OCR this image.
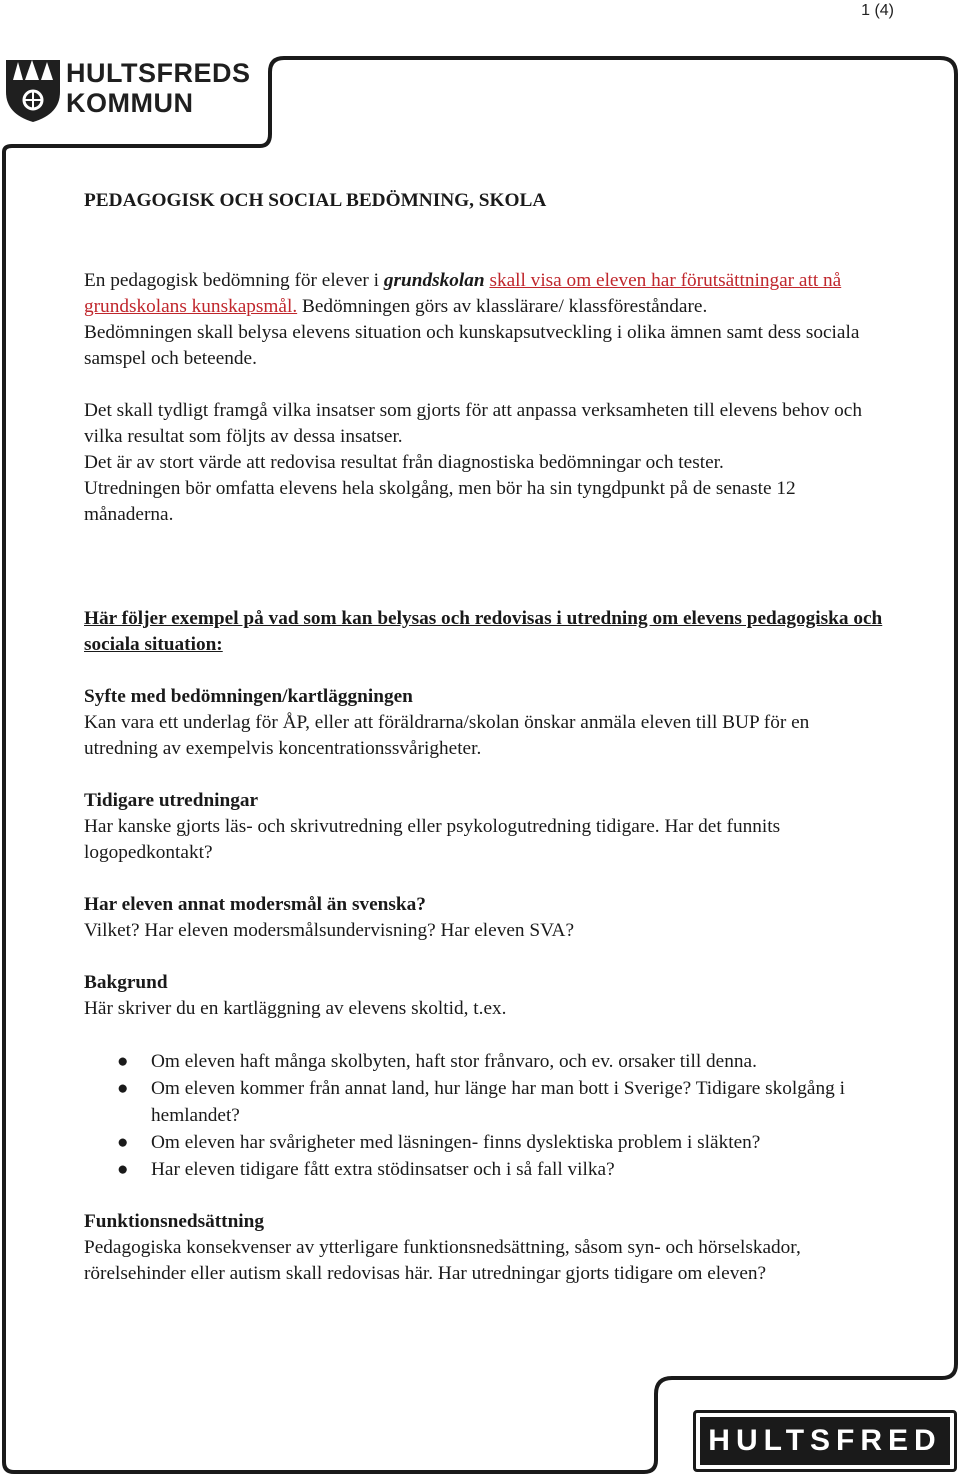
1 (4)
HULTSFREDS
KOMMUN
PEDAGOGISK OCH SOCIAL BEDÖMNING, SKOLA

En pedagogisk bedömning för elever i grundskolan skall visa om eleven har förutsättningar att nå grundskolans kunskapsmål. Bedömningen görs av klasslärare/ klassföreståndare.

Bedömningen skall belysa elevens situation och kunskapsutveckling i olika ämnen samt dess sociala samspel och beteende.

Det skall tydligt framgå vilka insatser som gjorts för att anpassa verksamheten till elevens behov och vilka resultat som följts av dessa insatser.

Det är av stort värde att redovisa resultat från diagnostiska bedömningar och tester.

Utredningen bör omfatta elevens hela skolgång, men bör ha sin tyngdpunkt på de senaste 12 månaderna.

Här följer exempel på vad som kan belysas och redovisas i utredning om elevens pedagogiska och sociala situation:

Syfte med bedömningen/kartläggningen

Kan vara ett underlag för ÅP, eller att föräldrarna/skolan önskar anmäla eleven till BUP för en utredning av exempelvis koncentrationssvårigheter.

Tidigare utredningar

Har kanske gjorts läs- och skrivutredning eller psykologutredning tidigare. Har det funnits logopedkontakt?

Har eleven annat modersmål än svenska?

Vilket? Har eleven modersmålsundervisning? Har eleven SVA?

Bakgrund

Här skriver du en kartläggning av elevens skoltid, t.ex.

● Om eleven haft många skolbyten, haft stor frånvaro, och ev. orsaker till denna.
● Om eleven kommer från annat land, hur länge har man bott i Sverige? Tidigare skolgång i hemlandet?
● Om eleven har svårigheter med läsningen- finns dyslektiska problem i släkten?
● Har eleven tidigare fått extra stödinsatser och i så fall vilka?

Funktionsnedsättning

Pedagogiska konsekvenser av ytterligare funktionsnedsättning, såsom syn- och hörselskador, rörelsehinder eller autism skall redovisas här. Har utredningar gjorts tidigare om eleven?

HULTSFRED
